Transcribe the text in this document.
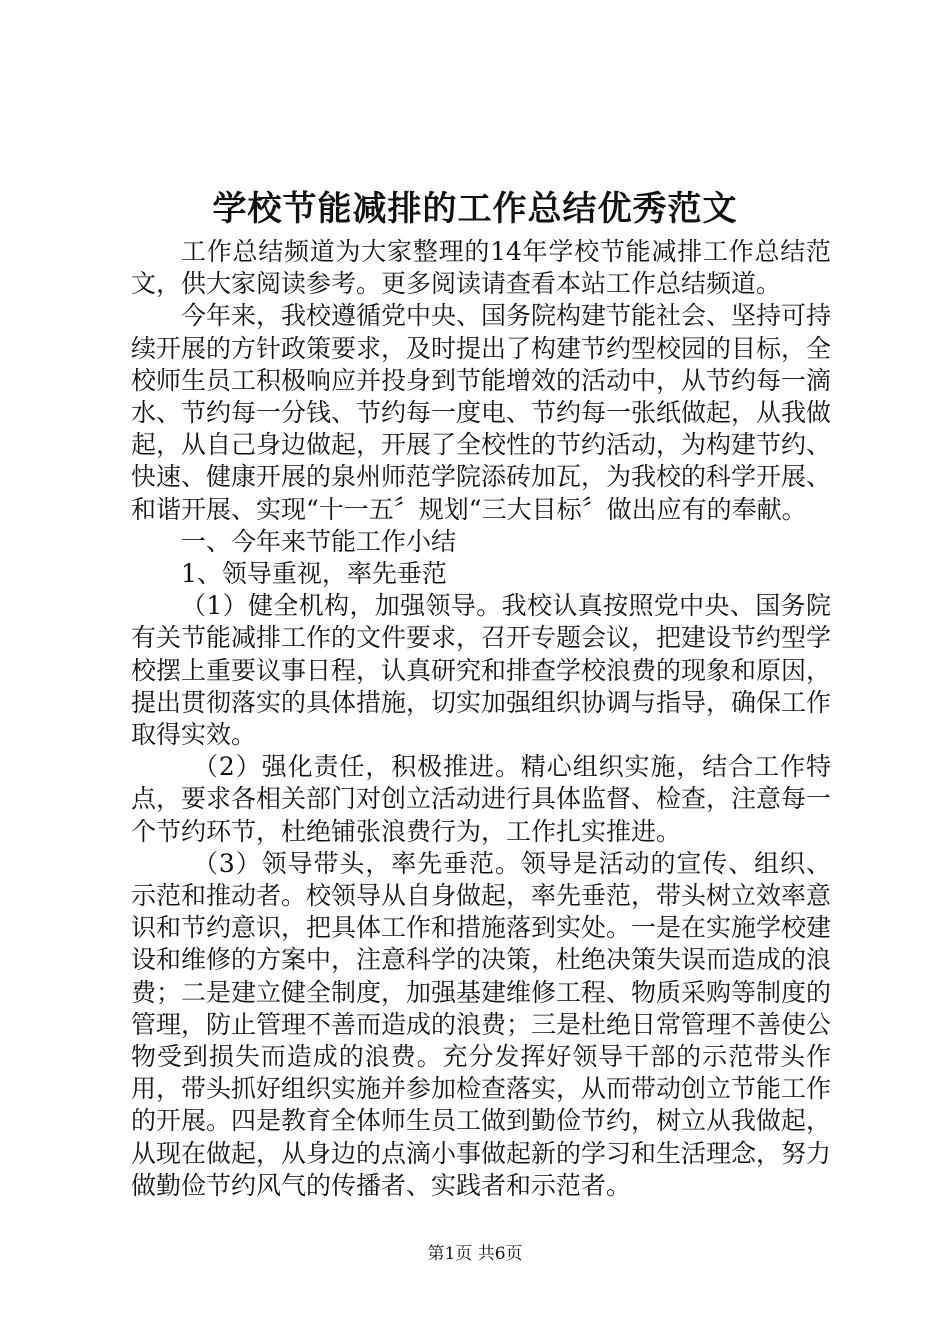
学校节能减排的工作总结优秀范文

工作总结频道为大家整理的14年学校节能减排工作总结范文，供大家阅读参考。更多阅读请查看本站工作总结频道。

今年来，我校遵循党中央、国务院构建节能社会、坚持可持续开展的方针政策要求，及时提出了构建节约型校园的目标，全校师生员工积极响应并投身到节能增效的活动中，从节约每一滴水、节约每一分钱、节约每一度电、节约每一张纸做起，从我做起，从自己身边做起，开展了全校性的节约活动，为构建节约、快速、健康开展的泉州师范学院添砖加瓦，为我校的科学开展、和谐开展、实现“十一五〞规划“三大目标〞做出应有的奉献。

一、今年来节能工作小结

1、领导重视，率先垂范

（1）健全机构，加强领导。我校认真按照党中央、国务院有关节能减排工作的文件要求，召开专题会议，把建设节约型学校摆上重要议事日程，认真研究和排查学校浪费的现象和原因，提出贯彻落实的具体措施，切实加强组织协调与指导，确保工作取得实效。

（2）强化责任，积极推进。精心组织实施，结合工作特点，要求各相关部门对创立活动进行具体监督、检查，注意每一个节约环节，杜绝铺张浪费行为，工作扎实推进。

（3）领导带头，率先垂范。领导是活动的宣传、组织、示范和推动者。校领导从自身做起，率先垂范，带头树立效率意识和节约意识，把具体工作和措施落到实处。一是在实施学校建设和维修的方案中，注意科学的决策，杜绝决策失误而造成的浪费；二是建立健全制度，加强基建维修工程、物质采购等制度的管理，防止管理不善而造成的浪费；三是杜绝日常管理不善使公物受到损失而造成的浪费。充分发挥好领导干部的示范带头作用，带头抓好组织实施并参加检查落实，从而带动创立节能工作的开展。四是教育全体师生员工做到勤俭节约，树立从我做起，从现在做起，从身边的点滴小事做起新的学习和生活理念，努力做勤俭节约风气的传播者、实践者和示范者。

第1页 共6页
